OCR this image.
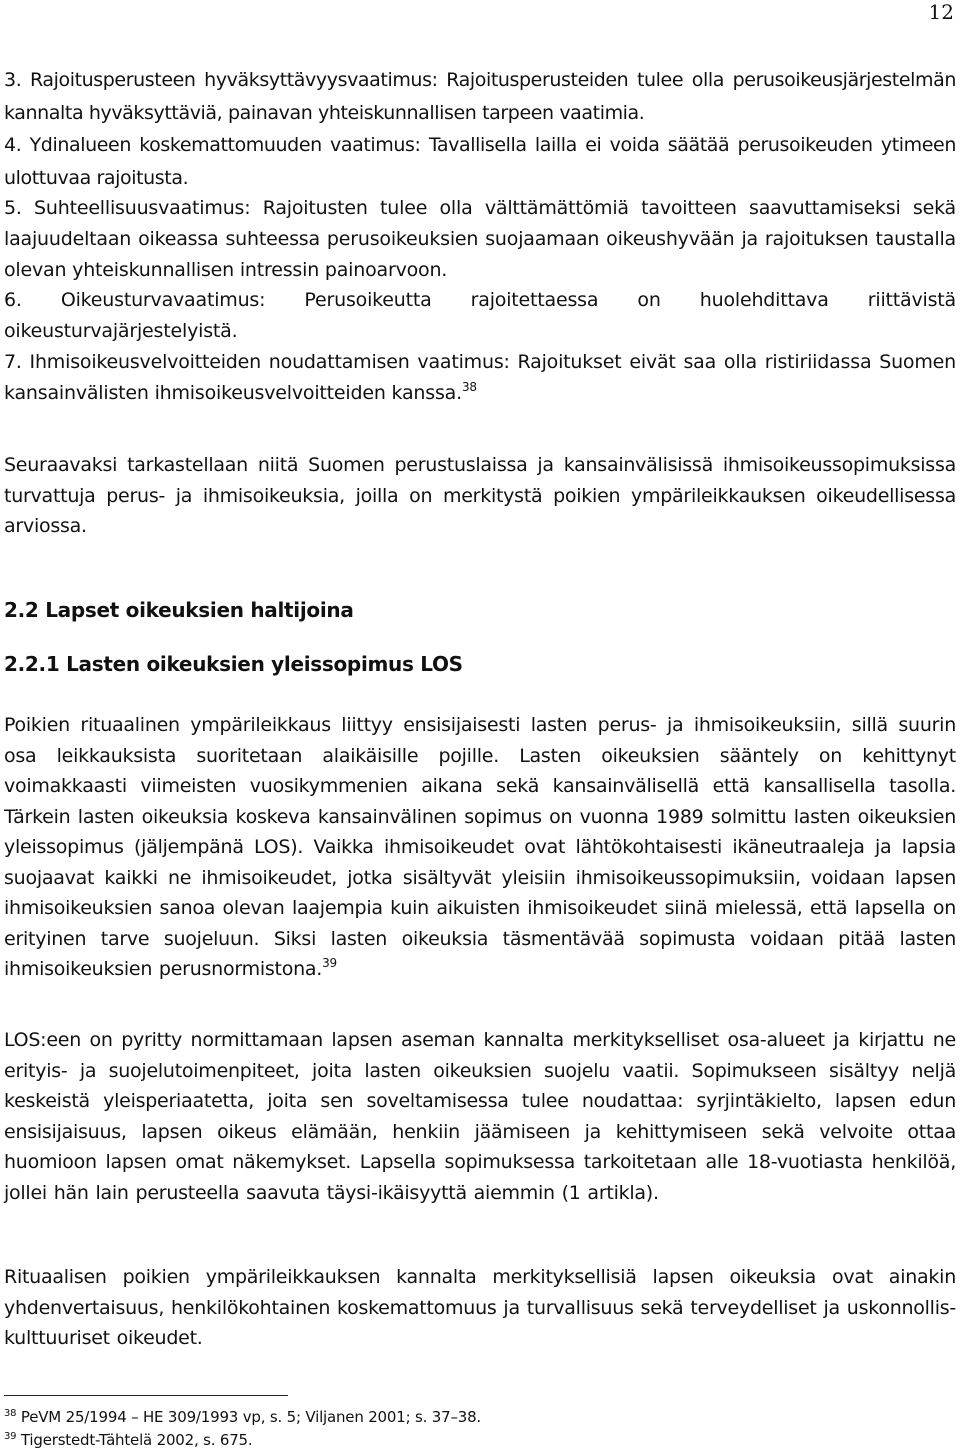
12

3. Rajoitusperusteen hyväksyttävyysvaatimus: Rajoitusperusteiden tulee olla perusoikeusjärjestelmän kannalta hyväksyttäviä, painavan yhteiskunnallisen tarpeen vaatimia.

4. Ydinalueen koskemattomuuden vaatimus: Tavallisella lailla ei voida säätää perusoikeuden ytimeen ulottuvaa rajoitusta.

5. Suhteellisuusvaatimus: Rajoitusten tulee olla välttämättömiä tavoitteen saavuttamiseksi sekä laajuudeltaan oikeassa suhteessa perusoikeuksien suojaamaan oikeushyvään ja rajoituksen taustalla olevan yhteiskunnallisen intressin painoarvoon.

6. Oikeusturvavaatimus: Perusoikeutta rajoitettaessa on huolehdittava riittävistä oikeusturvajärjestelyistä.

7. Ihmisoikeusvelvoitteiden noudattamisen vaatimus: Rajoitukset eivät saa olla ristiriidassa Suomen kansainvälisten ihmisoikeusvelvoitteiden kanssa.$^{38}$

Seuraavaksi tarkastellaan niitä Suomen perustuslaissa ja kansainvälisissä ihmisoikeussopimuksissa turvattuja perus- ja ihmisoikeuksia, joilla on merkitystä poikien ympärileikkauksen oikeudellisessa arviossa.
2.2 Lapset oikeuksien haltijoina
2.2.1 Lasten oikeuksien yleissopimus LOS
Poikien rituaalinen ympärileikkaus liittyy ensisijaisesti lasten perus- ja ihmisoikeuksiin, sillä suurin osa leikkauksista suoritetaan alaikäisille pojille. Lasten oikeuksien sääntely on kehittynyt voimakkaasti viimeisten vuosikymmenien aikana sekä kansainvälisellä että kansallisella tasolla. Tärkein lasten oikeuksia koskeva kansainvälinen sopimus on vuonna 1989 solmittu lasten oikeuksien yleissopimus (jäljempänä LOS). Vaikka ihmisoikeudet ovat lähtökohtaisesti ikäneutraaleja ja lapsia suojaavat kaikki ne ihmisoikeudet, jotka sisältyvät yleisiin ihmisoikeussopimuksiin, voidaan lapsen ihmisoikeuksien sanoa olevan laajempia kuin aikuisten ihmisoikeudet siinä mielessä, että lapsella on erityinen tarve suojeluun. Siksi lasten oikeuksia täsmentävää sopimusta voidaan pitää lasten ihmisoikeuksien perusnormistona.$^{39}$
LOS:een on pyritty normittamaan lapsen aseman kannalta merkitykselliset osa-alueet ja kirjattu ne erityis- ja suojelutoimenpiteet, joita lasten oikeuksien suojelu vaatii. Sopimukseen sisältyy neljä keskeistä yleisperiaatetta, joita sen soveltamisessa tulee noudattaa: syrjintäkielto, lapsen edun ensisijaisuus, lapsen oikeus elämään, henkiin jäämiseen ja kehittymiseen sekä velvoite ottaa huomioon lapsen omat näkemykset. Lapsella sopimuksessa tarkoitetaan alle 18-vuotiasta henkilöä, jollei hän lain perusteella saavuta täysi-ikäisyyttä aiemmin (1 artikla).
Rituaalisen poikien ympärileikkauksen kannalta merkityksellisiä lapsen oikeuksia ovat ainakin yhdenvertaisuus, henkilökohtainen koskemattomuus ja turvallisuus sekä terveydelliset ja uskonnollis-kulttuuriset oikeudet.
$^{38}$ PeVM 25/1994 – HE 309/1993 vp, s. 5; Viljanen 2001; s. 37–38.
$^{39}$ Tigerstedt-Tähtelä 2002, s. 675.
